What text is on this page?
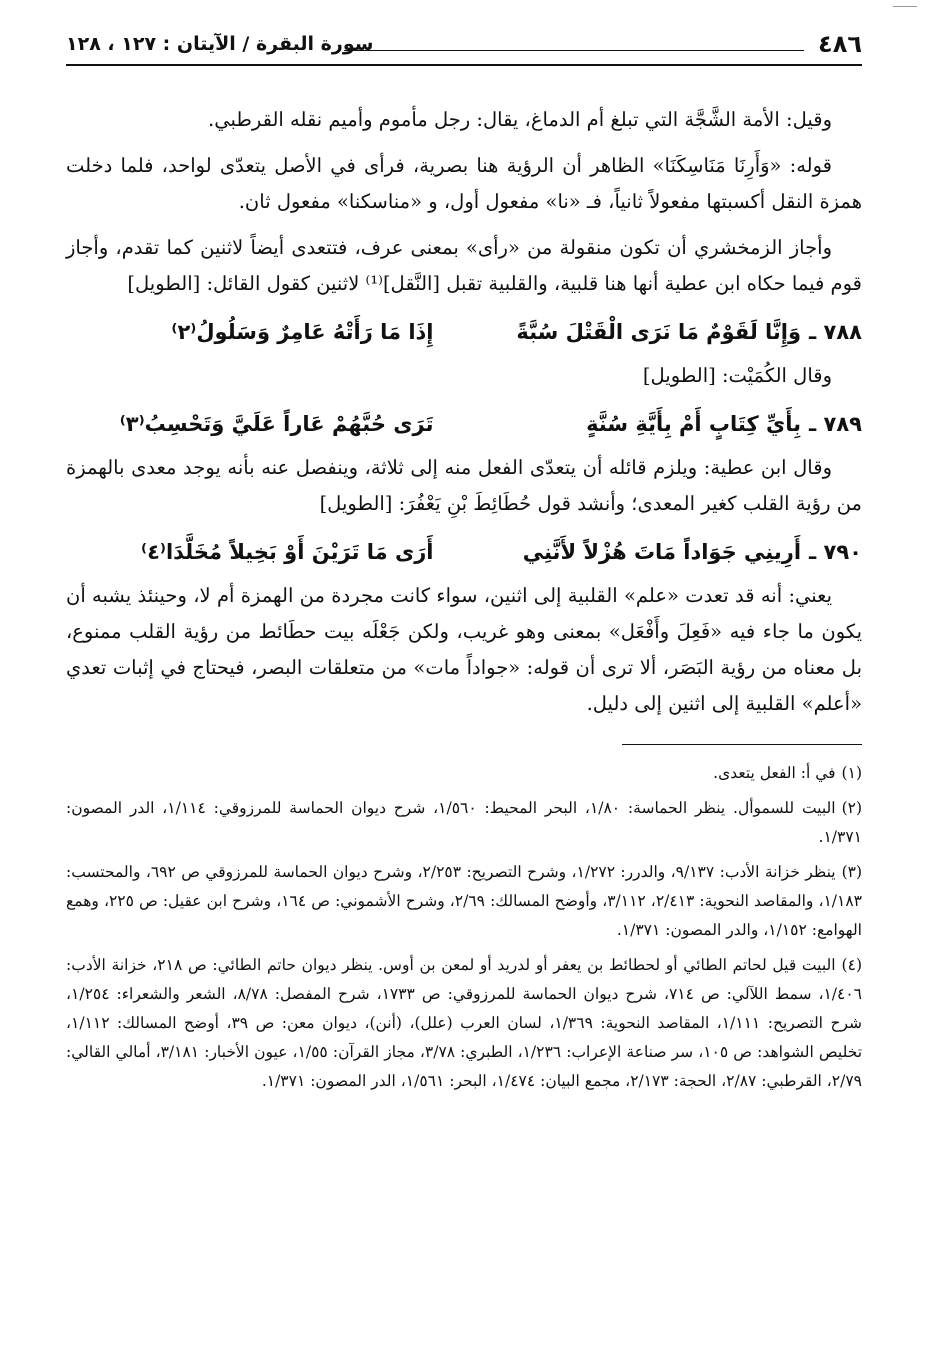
٤٨٦
سورة البقرة / الآيتان : ١٢٧ ، ١٢٨

وقيل: الأمة الشَّجَّة التي تبلغ أم الدماغ، يقال: رجل مأموم وأميم نقله القرطبي.

قوله: «وَأَرِنَا مَنَاسِكَنَا» الظاهر أن الرؤية هنا بصرية، فرأى في الأصل يتعدّى لواحد، فلما دخلت همزة النقل أكسبتها مفعولاً ثانياً، فـ «نا» مفعول أول، و «مناسكنا» مفعول ثان.

وأجاز الزمخشري أن تكون منقولة من «رأى» بمعنى عرف، فتتعدى أيضاً لاثنين كما تقدم، وأجاز قوم فيما حكاه ابن عطية أنها هنا قلبية، والقلبية تقبل [النَّقل]⁽¹⁾ لاثنين كقول القائل: [الطويل]

٧٨٨ ـ
وَإِنَّا لَقَوْمٌ مَا نَرَى الْقَتْلَ سُبَّةً
إِذَا مَا رَأَتْهُ عَامِرٌ وَسَلُولُ⁽٢⁾

وقال الكُمَيْت: [الطويل]

٧٨٩ ـ
بِأَيِّ كِتَابٍ أَمْ بِأَيَّةِ سُنَّةٍ
تَرَى حُبَّهُمْ عَاراً عَلَيَّ وَتَحْسِبُ⁽٣⁾

وقال ابن عطية: ويلزم قائله أن يتعدّى الفعل منه إلى ثلاثة، وينفصل عنه بأنه يوجد معدى بالهمزة من رؤية القلب كغير المعدى؛ وأنشد قول حُطَائِطَ بْنِ يَعْفُرَ: [الطويل]

٧٩٠ ـ
أَرِينِي جَوَاداً مَاتَ هُزْلاً لأَنَّنِي
أَرَى مَا تَرَيْنَ أَوْ بَخِيلاً مُخَلَّدَا⁽٤⁾

يعني: أنه قد تعدت «علم» القلبية إلى اثنين، سواء كانت مجردة من الهمزة أم لا، وحينئذ يشبه أن يكون ما جاء فيه «فَعِلَ وأَفْعَل» بمعنى وهو غريب، ولكن جَعْلَه بيت حطَائط من رؤية القلب ممنوع، بل معناه من رؤية البَصَر، ألا ترى أن قوله: «جواداً مات» من متعلقات البصر، فيحتاج في إثبات تعدي «أعلم» القلبية إلى اثنين إلى دليل.

(١)في أ: الفعل يتعدى.

(٢)البيت للسموأل. ينظر الحماسة: ١/٨٠، البحر المحيط: ١/٥٦٠، شرح ديوان الحماسة للمرزوقي: ١/١١٤، الدر المصون: ١/٣٧١.

(٣)ينظر خزانة الأدب: ٩/١٣٧، والدرر: ١/٢٧٢، وشرح التصريح: ٢/٢٥٣، وشرح ديوان الحماسة للمرزوقي ص ٦٩٢، والمحتسب: ١/١٨٣، والمقاصد النحوية: ٢/٤١٣، ٣/١١٢، وأوضح المسالك: ٢/٦٩، وشرح الأشموني: ص ١٦٤، وشرح ابن عقيل: ص ٢٢٥، وهمع الهوامع: ١/١٥٢، والدر المصون: ١/٣٧١.

(٤)البيت قيل لحاتم الطائي أو لحطائط بن يعفر أو لدريد أو لمعن بن أوس. ينظر ديوان حاتم الطائي: ص ٢١٨، خزانة الأدب: ١/٤٠٦، سمط اللآلي: ص ٧١٤، شرح ديوان الحماسة للمرزوقي: ص ١٧٣٣، شرح المفصل: ٨/٧٨، الشعر والشعراء: ١/٢٥٤، شرح التصريح: ١/١١١، المقاصد النحوية: ١/٣٦٩، لسان العرب (علل)، (أنن)، ديوان معن: ص ٣٩، أوضح المسالك: ١/١١٢، تخليص الشواهد: ص ١٠٥، سر صناعة الإعراب: ١/٢٣٦، الطبري: ٣/٧٨، مجاز القرآن: ١/٥٥، عيون الأخبار: ٣/١٨١، أمالي القالي: ٢/٧٩، القرطبي: ٢/٨٧، الحجة: ٢/١٧٣، مجمع البيان: ١/٤٧٤، البحر: ١/٥٦١، الدر المصون: ١/٣٧١.
